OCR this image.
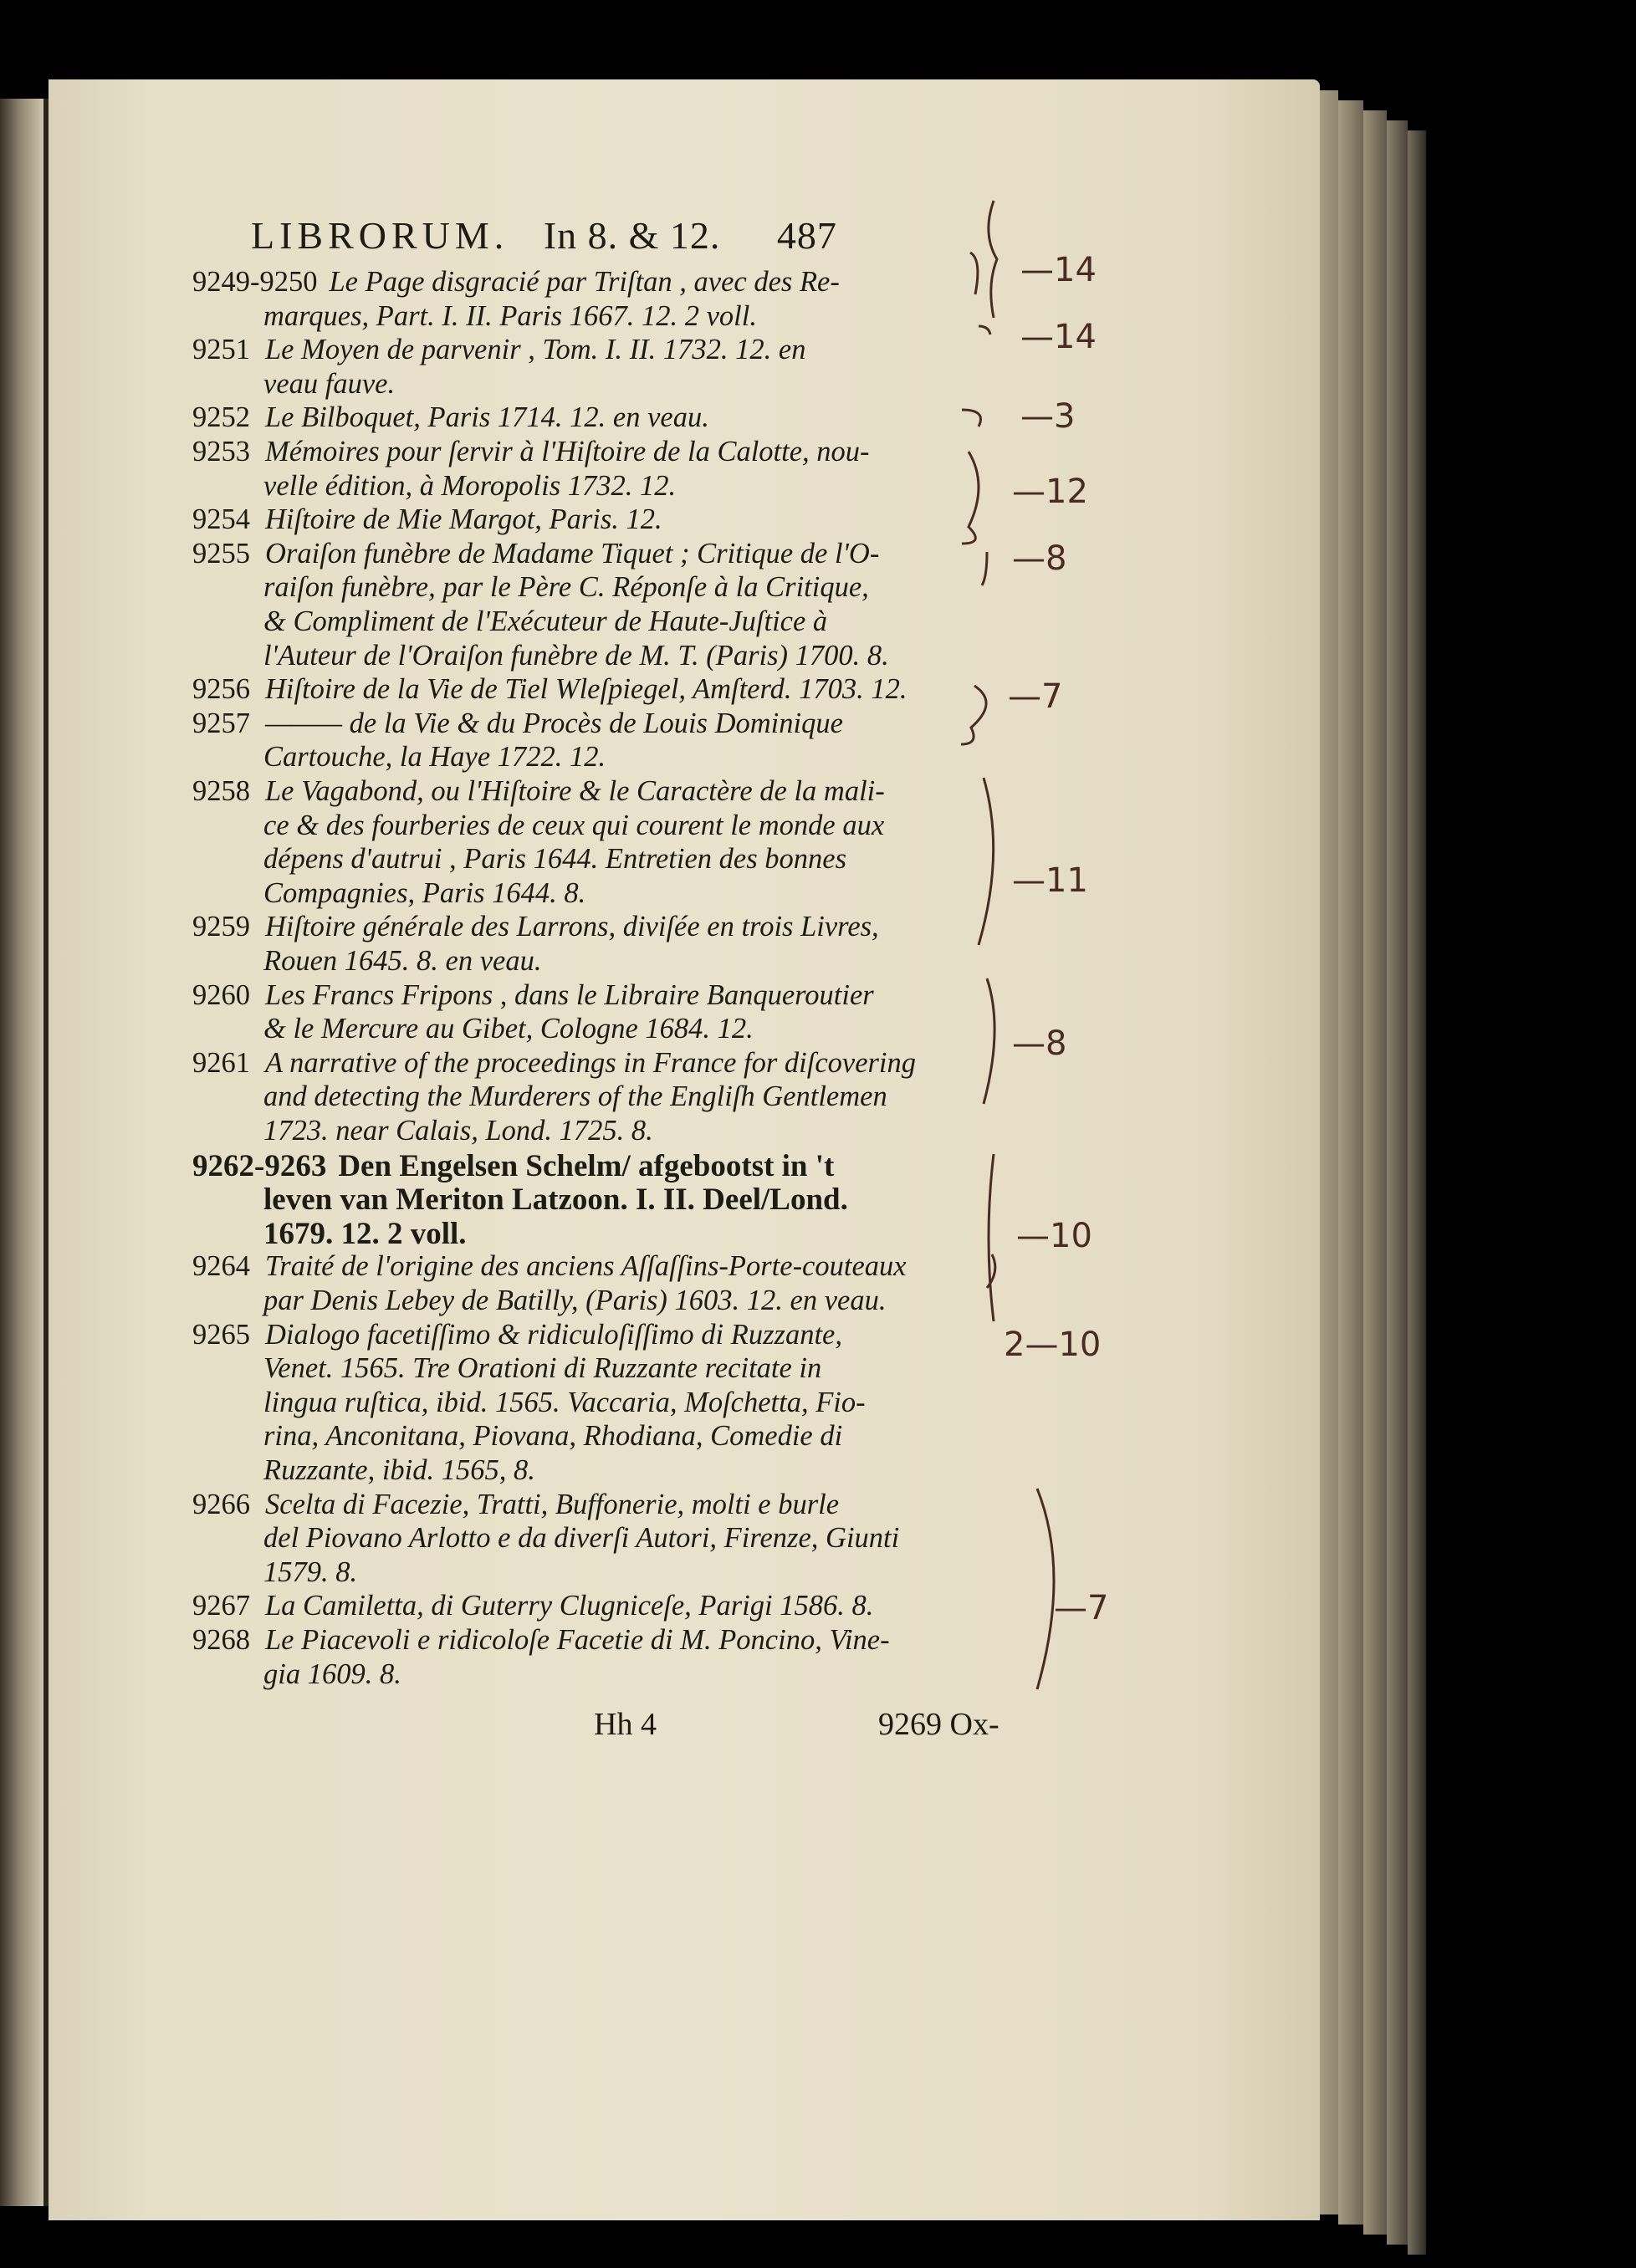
LIBRORUM. In 8. & 12. 487
9249-9250 Le Page disgracié par Triſtan , avec des Re-
marques, Part. I. II. Paris 1667. 12. 2 voll.
9251 Le Moyen de parvenir , Tom. I. II. 1732. 12. en
veau fauve.
9252 Le Bilboquet, Paris 1714. 12. en veau.
9253 Mémoires pour ſervir à l'Hiſtoire de la Calotte, nou-
velle édition, à Moropolis 1732. 12.
9254 Hiſtoire de Mie Margot, Paris. 12.
9255 Oraiſon funèbre de Madame Tiquet ; Critique de l'O-
raiſon funèbre, par le Père C. Réponſe à la Critique,
& Compliment de l'Exécuteur de Haute-Juſtice à
l'Auteur de l'Oraiſon funèbre de M. T. (Paris) 1700. 8.
9256 Hiſtoire de la Vie de Tiel Wleſpiegel, Amſterd. 1703. 12.
9257 ——— de la Vie & du Procès de Louis Dominique
Cartouche, la Haye 1722. 12.
9258 Le Vagabond, ou l'Hiſtoire & le Caractère de la mali-
ce & des fourberies de ceux qui courent le monde aux
dépens d'autrui , Paris 1644. Entretien des bonnes
Compagnies, Paris 1644. 8.
9259 Hiſtoire générale des Larrons, diviſée en trois Livres,
Rouen 1645. 8. en veau.
9260 Les Francs Fripons , dans le Libraire Banqueroutier
& le Mercure au Gibet, Cologne 1684. 12.
9261 A narrative of the proceedings in France for diſcovering
and detecting the Murderers of the Engliſh Gentlemen
1723. near Calais, Lond. 1725. 8.
9262-9263 Den Engelsen Schelm/ afgebootst in 't
leven van Meriton Latzoon. I. II. Deel/Lond.
1679. 12. 2 voll.
9264 Traité de l'origine des anciens Aſſaſſins-Porte-couteaux
par Denis Lebey de Batilly, (Paris) 1603. 12. en veau.
9265 Dialogo facetiſſimo & ridiculoſiſſimo di Ruzzante,
Venet. 1565. Tre Orationi di Ruzzante recitate in
lingua ruſtica, ibid. 1565. Vaccaria, Moſchetta, Fio-
rina, Anconitana, Piovana, Rhodiana, Comedie di
Ruzzante, ibid. 1565, 8.
9266 Scelta di Facezie, Tratti, Buffonerie, molti e burle
del Piovano Arlotto e da diverſi Autori, Firenze, Giunti
1579. 8.
9267 La Camiletta, di Guterry Clugniceſe, Parigi 1586. 8.
9268 Le Piacevoli e ridicoloſe Facetie di M. Poncino, Vine-
gia 1609. 8.
Hh 4	9269 Ox-
—14
—14
—3
—12
—8
—7
—11
—8
—10
2—10
—7
